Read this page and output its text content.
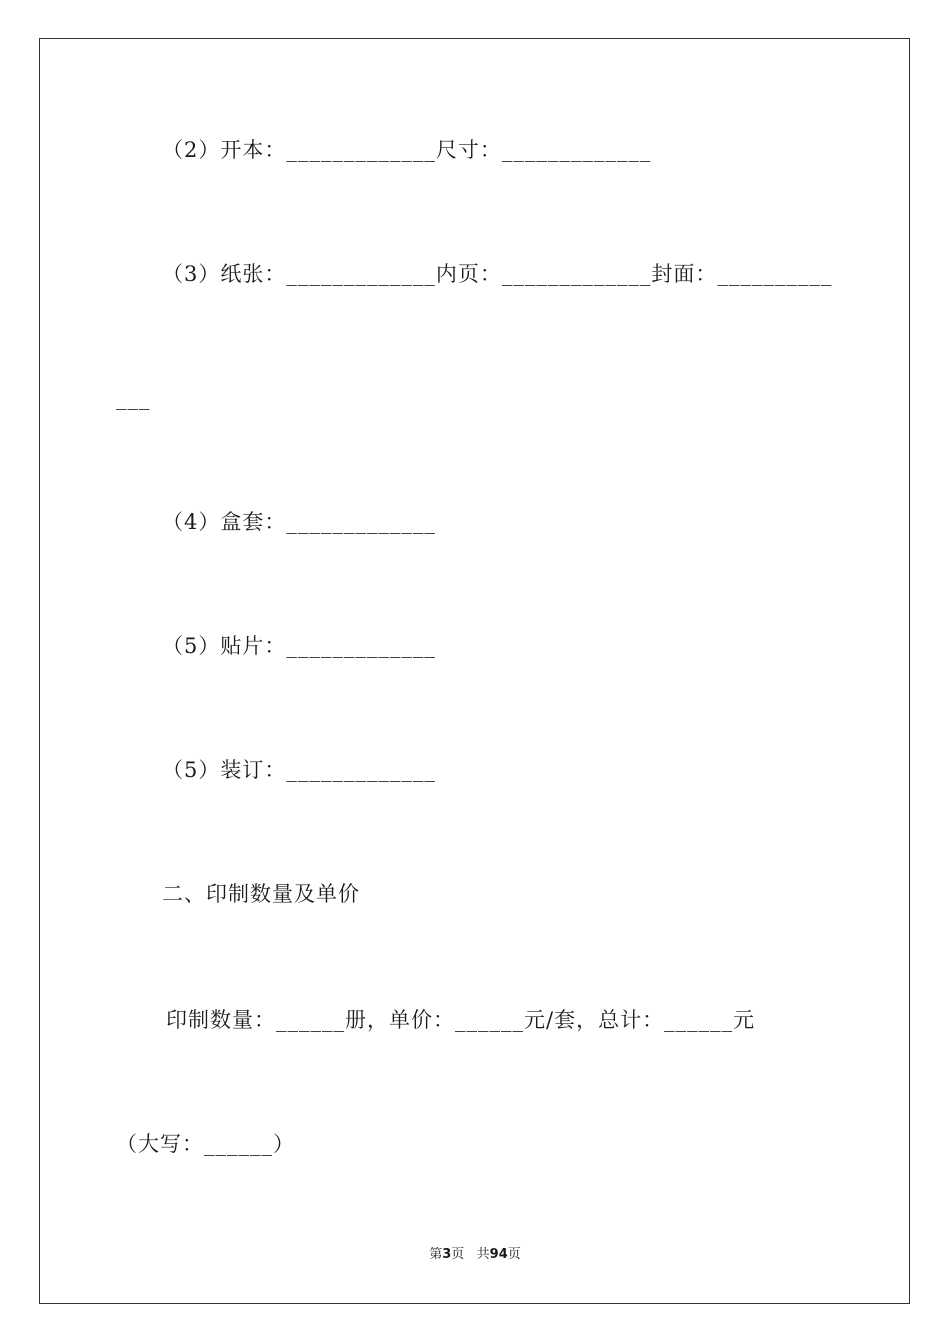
（2）开本：_____________尺寸：_____________
（3）纸张：_____________内页：_____________封面：__________
___
（4）盒套：_____________
（5）贴片：_____________
（5）装订：_____________
二、印制数量及单价
印制数量：______册，单价：______元/套，总计：______元
（大写：______）
第3页   共94页
